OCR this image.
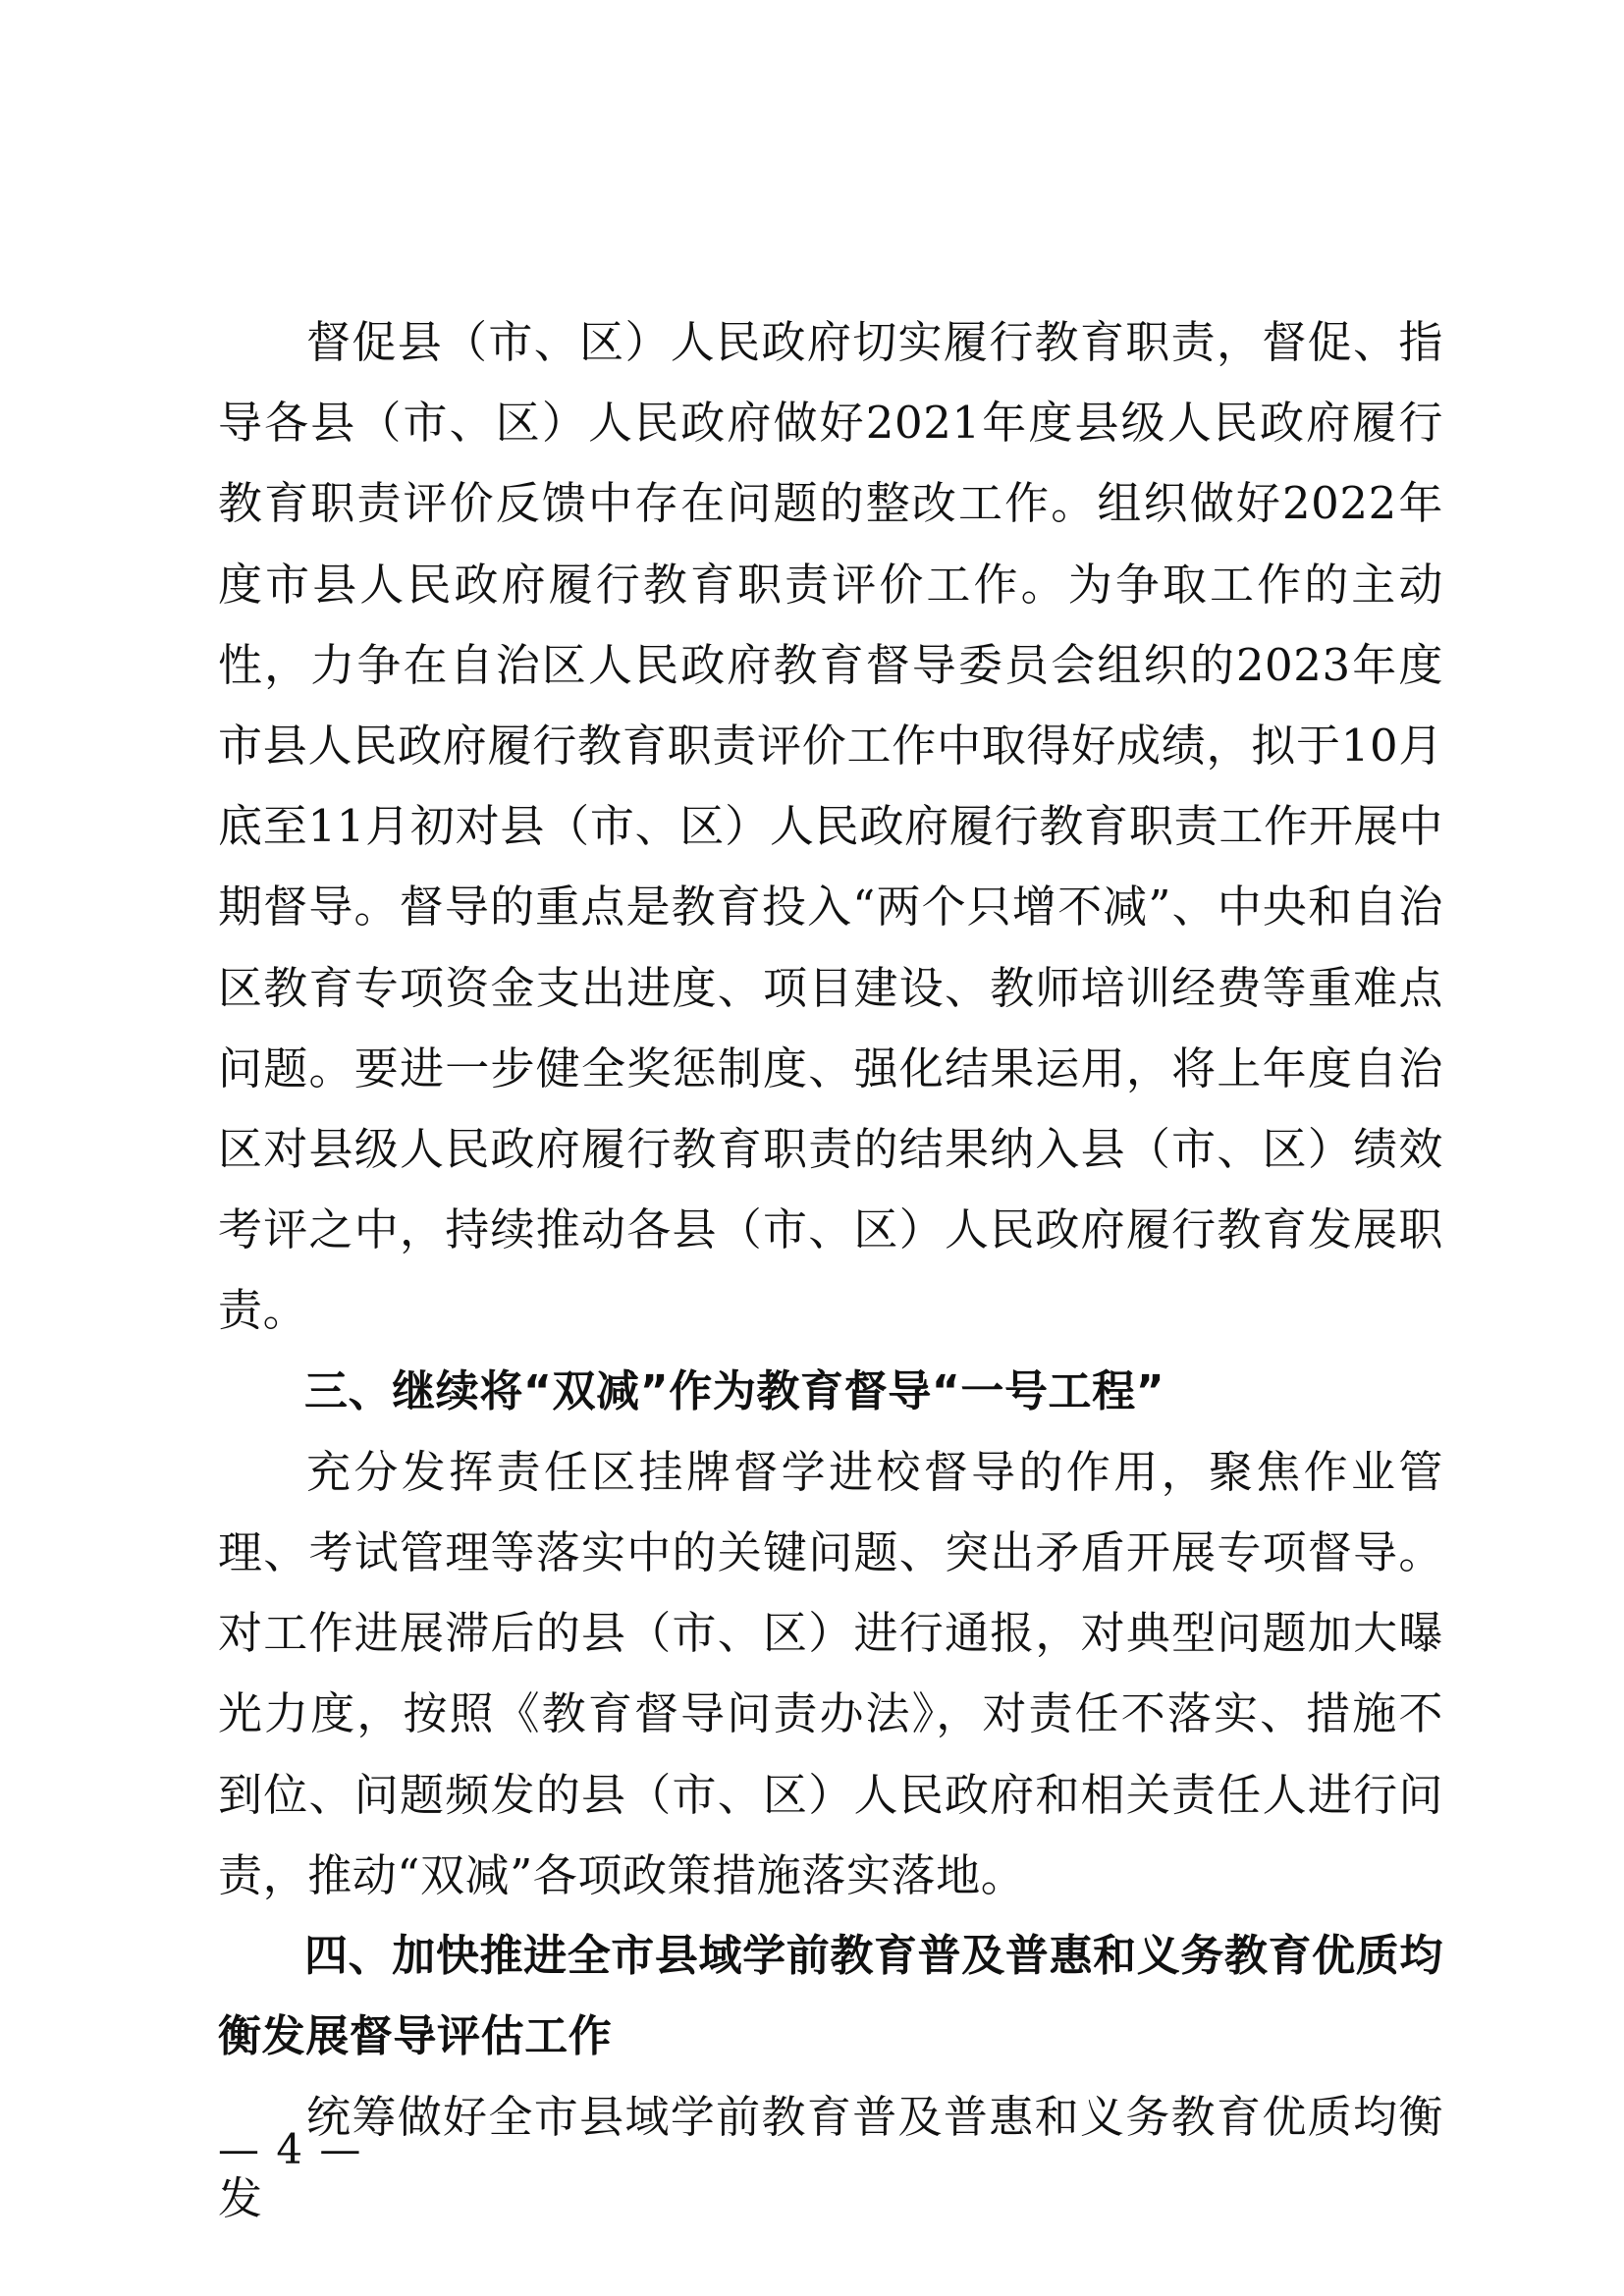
督促县（市、区）人民政府切实履行教育职责，督促、指导各县（市、区）人民政府做好2021年度县级人民政府履行教育职责评价反馈中存在问题的整改工作。组织做好2022年度市县人民政府履行教育职责评价工作。为争取工作的主动性，力争在自治区人民政府教育督导委员会组织的2023年度市县人民政府履行教育职责评价工作中取得好成绩，拟于10月底至11月初对县（市、区）人民政府履行教育职责工作开展中期督导。督导的重点是教育投入“两个只增不减”、中央和自治区教育专项资金支出进度、项目建设、教师培训经费等重难点问题。要进一步健全奖惩制度、强化结果运用，将上年度自治区对县级人民政府履行教育职责的结果纳入县（市、区）绩效考评之中，持续推动各县（市、区）人民政府履行教育发展职责。

三、继续将“双减”作为教育督导“一号工程”

充分发挥责任区挂牌督学进校督导的作用，聚焦作业管理、考试管理等落实中的关键问题、突出矛盾开展专项督导。对工作进展滞后的县（市、区）进行通报，对典型问题加大曝光力度，按照《教育督导问责办法》，对责任不落实、措施不到位、问题频发的县（市、区）人民政府和相关责任人进行问责，推动“双减”各项政策措施落实落地。

四、加快推进全市县域学前教育普及普惠和义务教育优质均衡发展督导评估工作

统筹做好全市县域学前教育普及普惠和义务教育优质均衡发

— 4 —
